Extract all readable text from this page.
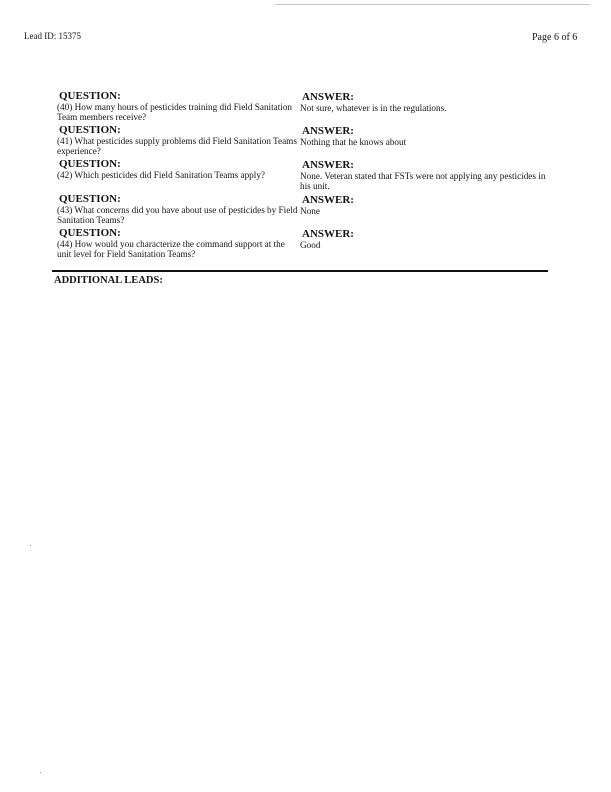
Lead ID: 15375	Page 6 of 6
QUESTION:
(40) How many hours of pesticides training did Field Sanitation Team members receive?
ANSWER:
Not sure, whatever is in the regulations.
QUESTION:
(41) What pesticides supply problems did Field Sanitation Teams experience?
ANSWER:
Nothing that he knows about
QUESTION:
(42) Which pesticides did Field Sanitation Teams apply?
ANSWER:
None. Veteran stated that FSTs were not applying any pesticides in his unit.
QUESTION:
(43) What concerns did you have about use of pesticides by Field Sanitation Teams?
ANSWER:
None
QUESTION:
(44) How would you characterize the command support at the unit level for Field Sanitation Teams?
ANSWER:
Good
ADDITIONAL LEADS:
